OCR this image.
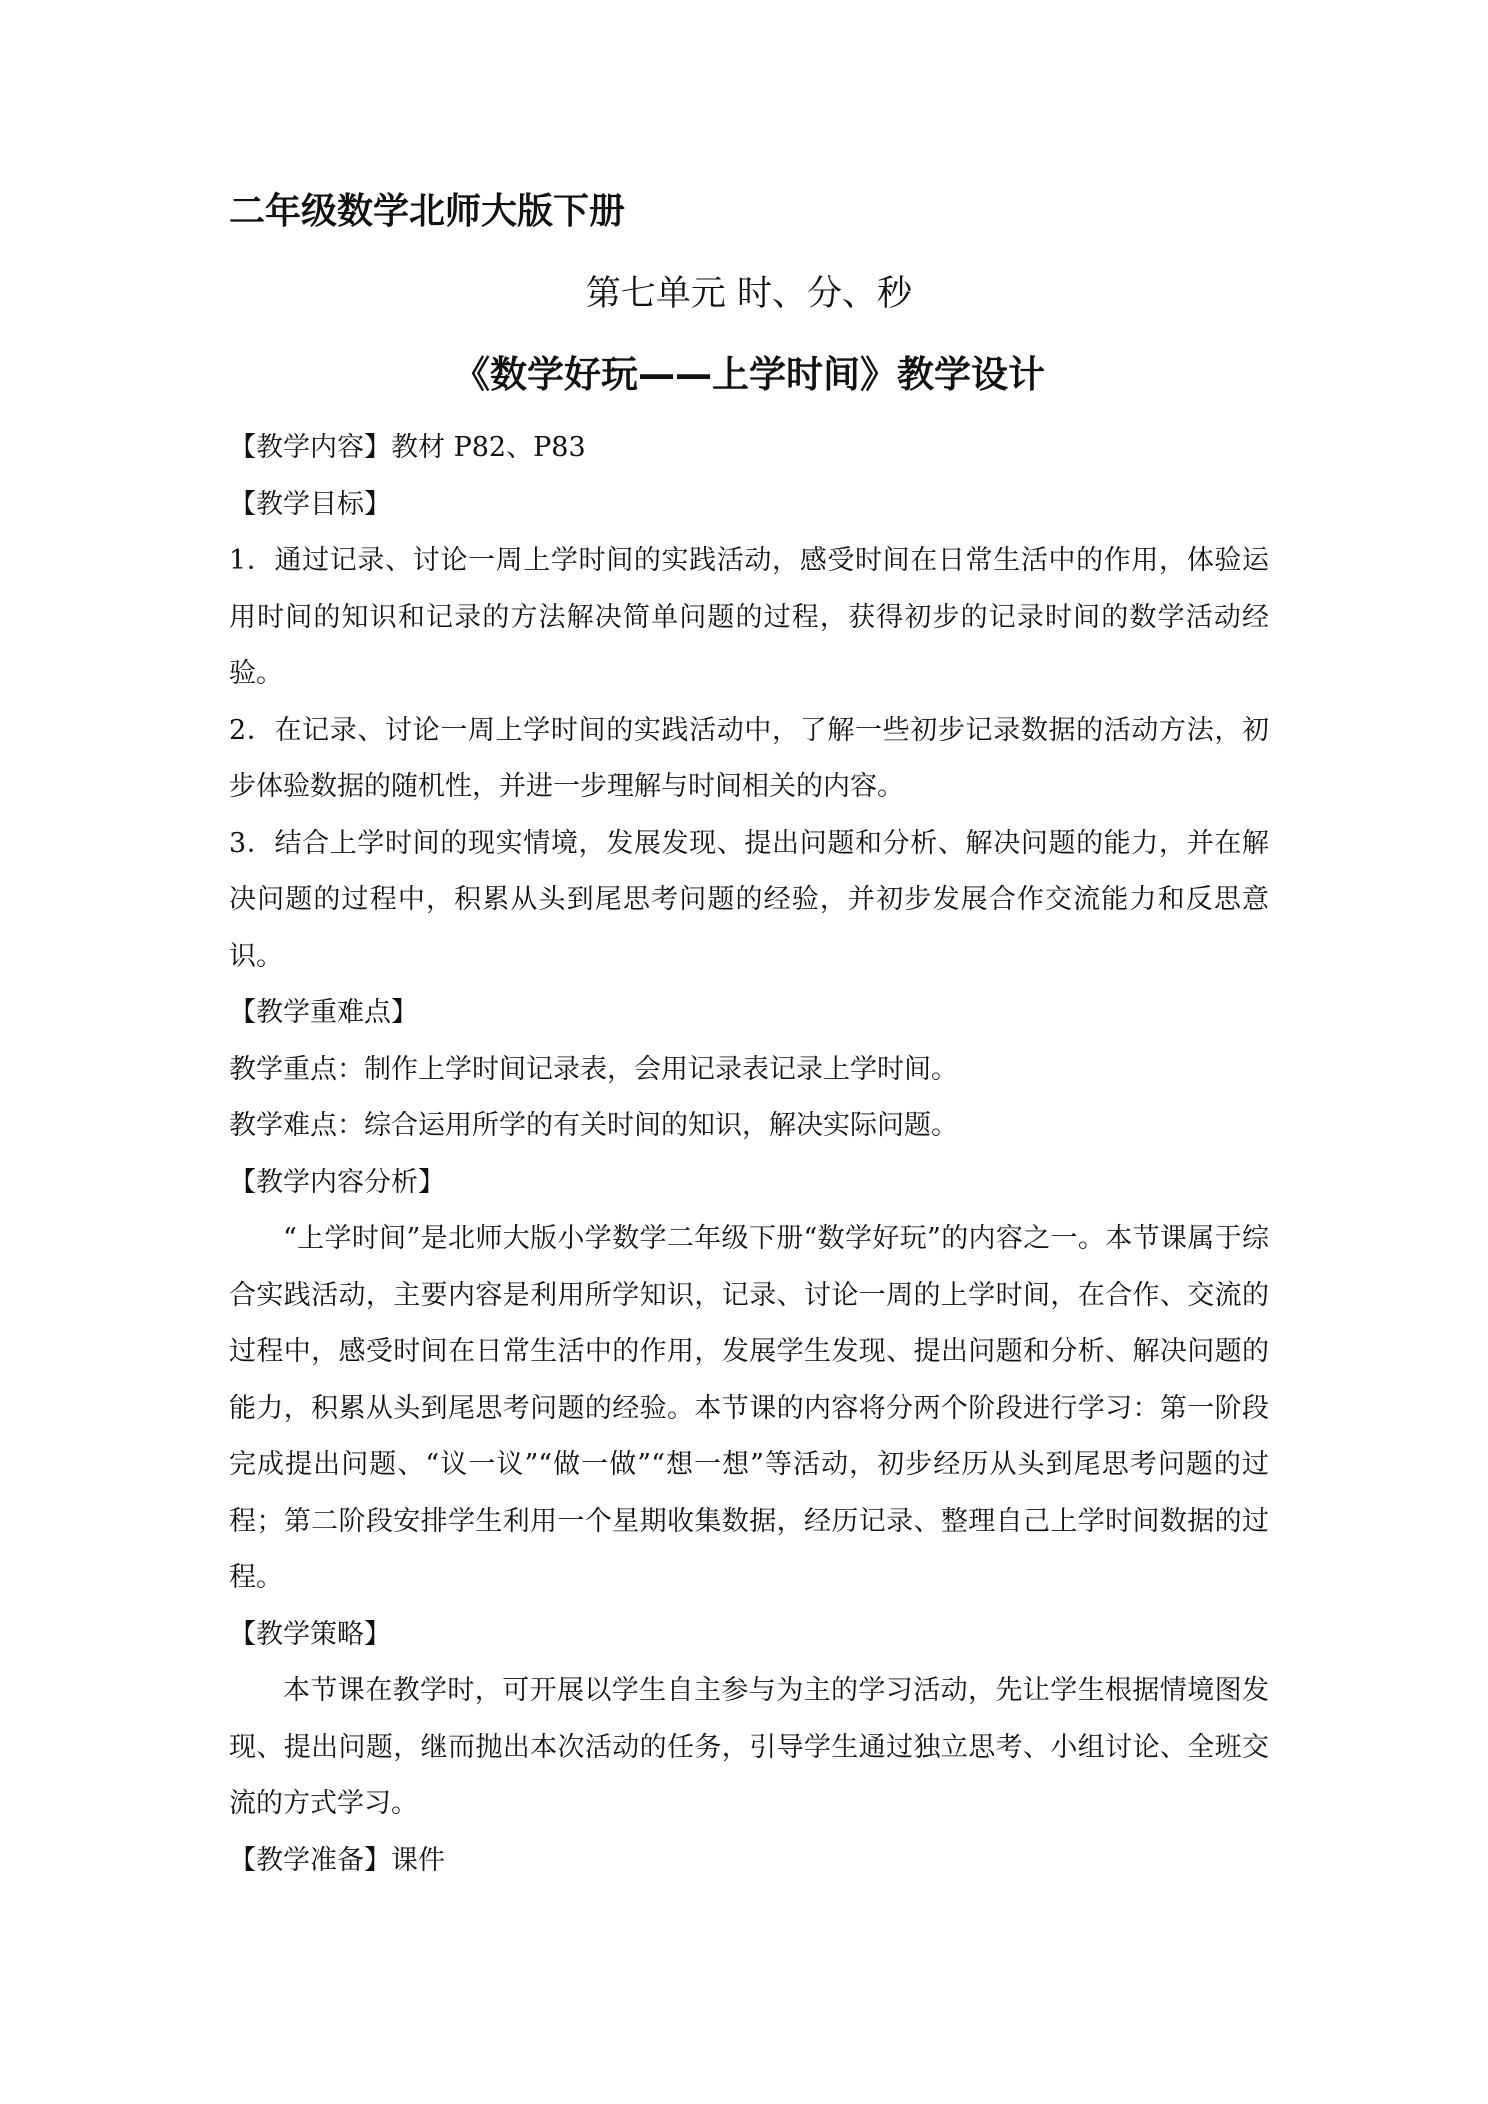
二年级数学北师大版下册
第七单元 时、分、秒
《数学好玩——上学时间》教学设计
【教学内容】教材 P82、P83
【教学目标】
1．通过记录、讨论一周上学时间的实践活动，感受时间在日常生活中的作用，体验运用时间的知识和记录的方法解决简单问题的过程，获得初步的记录时间的数学活动经验。
2．在记录、讨论一周上学时间的实践活动中，了解一些初步记录数据的活动方法，初步体验数据的随机性，并进一步理解与时间相关的内容。
3．结合上学时间的现实情境，发展发现、提出问题和分析、解决问题的能力，并在解决问题的过程中，积累从头到尾思考问题的经验，并初步发展合作交流能力和反思意识。
【教学重难点】
教学重点：制作上学时间记录表，会用记录表记录上学时间。
教学难点：综合运用所学的有关时间的知识，解决实际问题。
【教学内容分析】
“上学时间”是北师大版小学数学二年级下册“数学好玩”的内容之一。本节课属于综合实践活动，主要内容是利用所学知识，记录、讨论一周的上学时间，在合作、交流的过程中，感受时间在日常生活中的作用，发展学生发现、提出问题和分析、解决问题的能力，积累从头到尾思考问题的经验。本节课的内容将分两个阶段进行学习：第一阶段完成提出问题、“议一议”“做一做”“想一想”等活动，初步经历从头到尾思考问题的过程；第二阶段安排学生利用一个星期收集数据，经历记录、整理自己上学时间数据的过程。
【教学策略】
本节课在教学时，可开展以学生自主参与为主的学习活动，先让学生根据情境图发现、提出问题，继而抛出本次活动的任务，引导学生通过独立思考、小组讨论、全班交流的方式学习。
【教学准备】课件
